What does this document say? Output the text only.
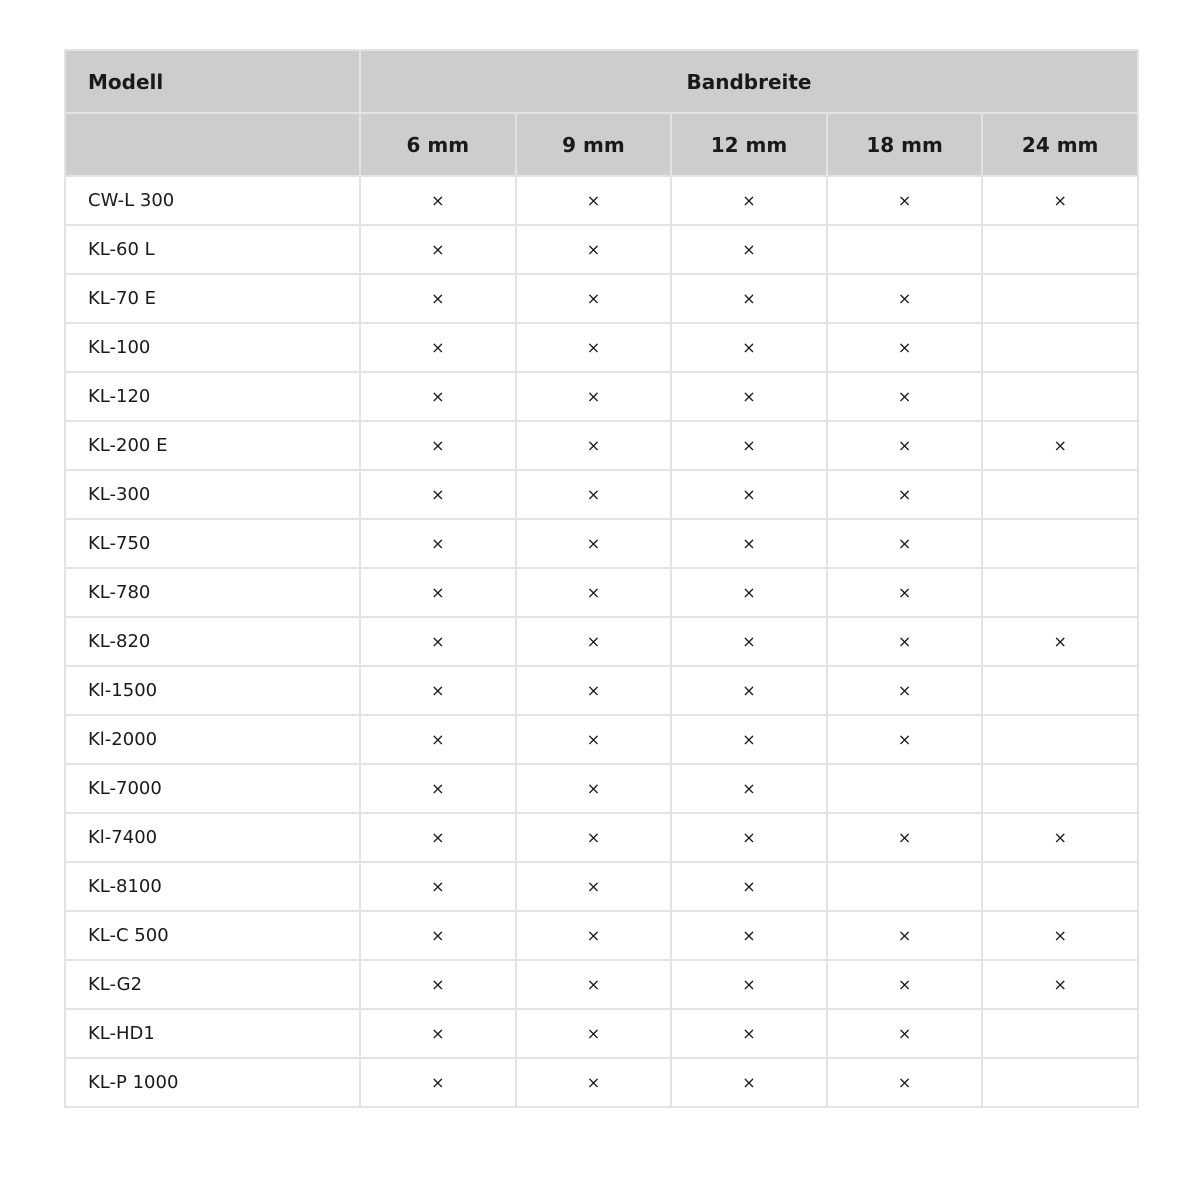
Modell	Bandbreite				
	6 mm	9 mm	12 mm	18 mm	24 mm
CW-L 300	×	×	×	×	×
KL-60 L	×	×	×		
KL-70 E	×	×	×	×	
KL-100	×	×	×	×	
KL-120	×	×	×	×	
KL-200 E	×	×	×	×	×
KL-300	×	×	×	×	
KL-750	×	×	×	×	
KL-780	×	×	×	×	
KL-820	×	×	×	×	×
Kl-1500	×	×	×	×	
Kl-2000	×	×	×	×	
KL-7000	×	×	×		
Kl-7400	×	×	×	×	×
KL-8100	×	×	×		
KL-C 500	×	×	×	×	×
KL-G2	×	×	×	×	×
KL-HD1	×	×	×	×	
KL-P 1000	×	×	×	×	
